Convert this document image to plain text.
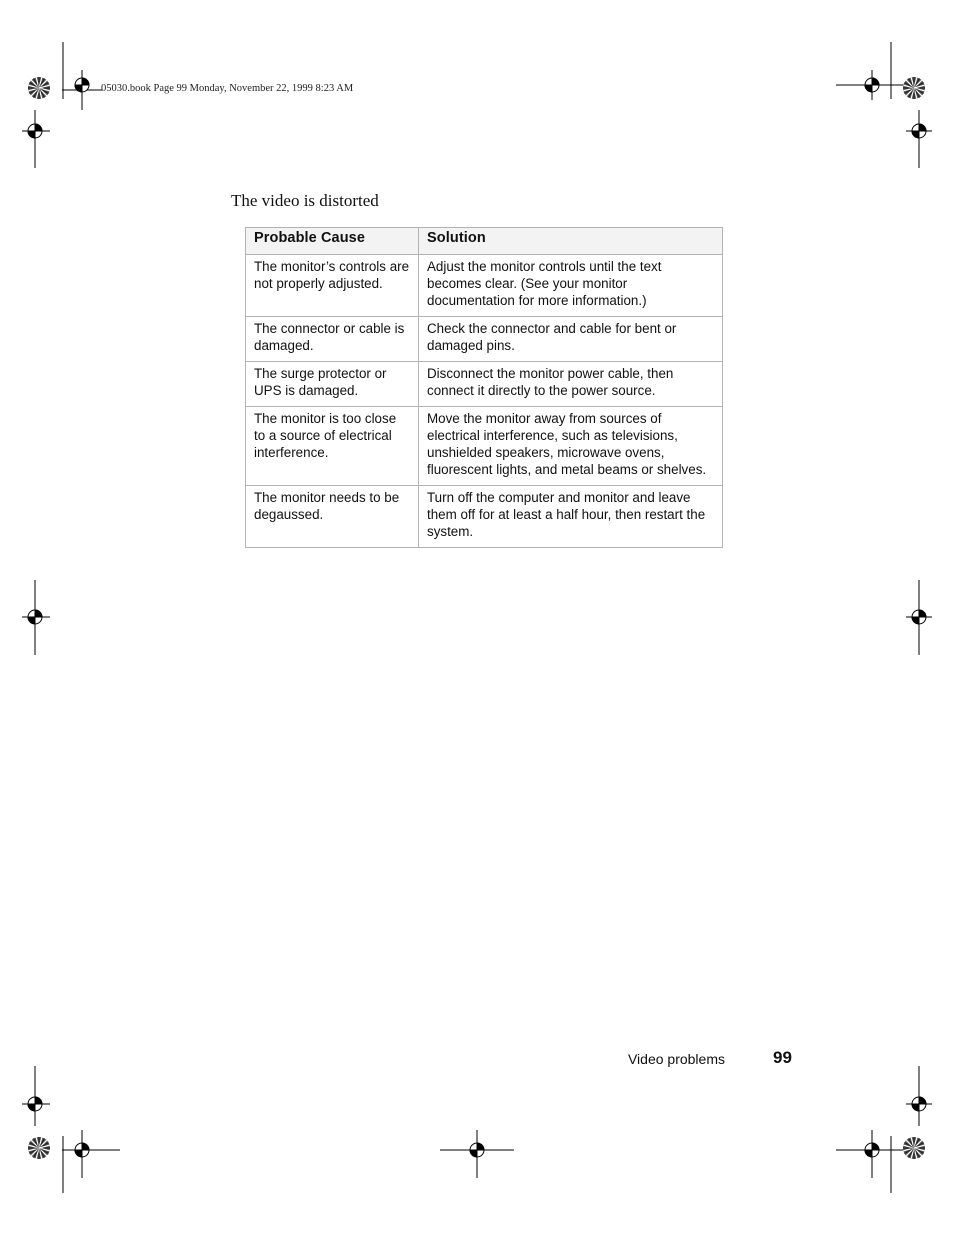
05030.book Page 99 Monday, November 22, 1999 8:23 AM
The video is distorted
Probable Cause	Solution
The monitor’s controls are not properly adjusted.	Adjust the monitor controls until the text becomes clear. (See your monitor documentation for more information.)
The connector or cable is damaged.	Check the connector and cable for bent or damaged pins.
The surge protector or UPS is damaged.	Disconnect the monitor power cable, then connect it directly to the power source.
The monitor is too close to a source of electrical interference.	Move the monitor away from sources of electrical interference, such as televisions, unshielded speakers, microwave ovens, fluorescent lights, and metal beams or shelves.
The monitor needs to be degaussed.	Turn off the computer and monitor and leave them off for at least a half hour, then restart the system.
Video problems	99
